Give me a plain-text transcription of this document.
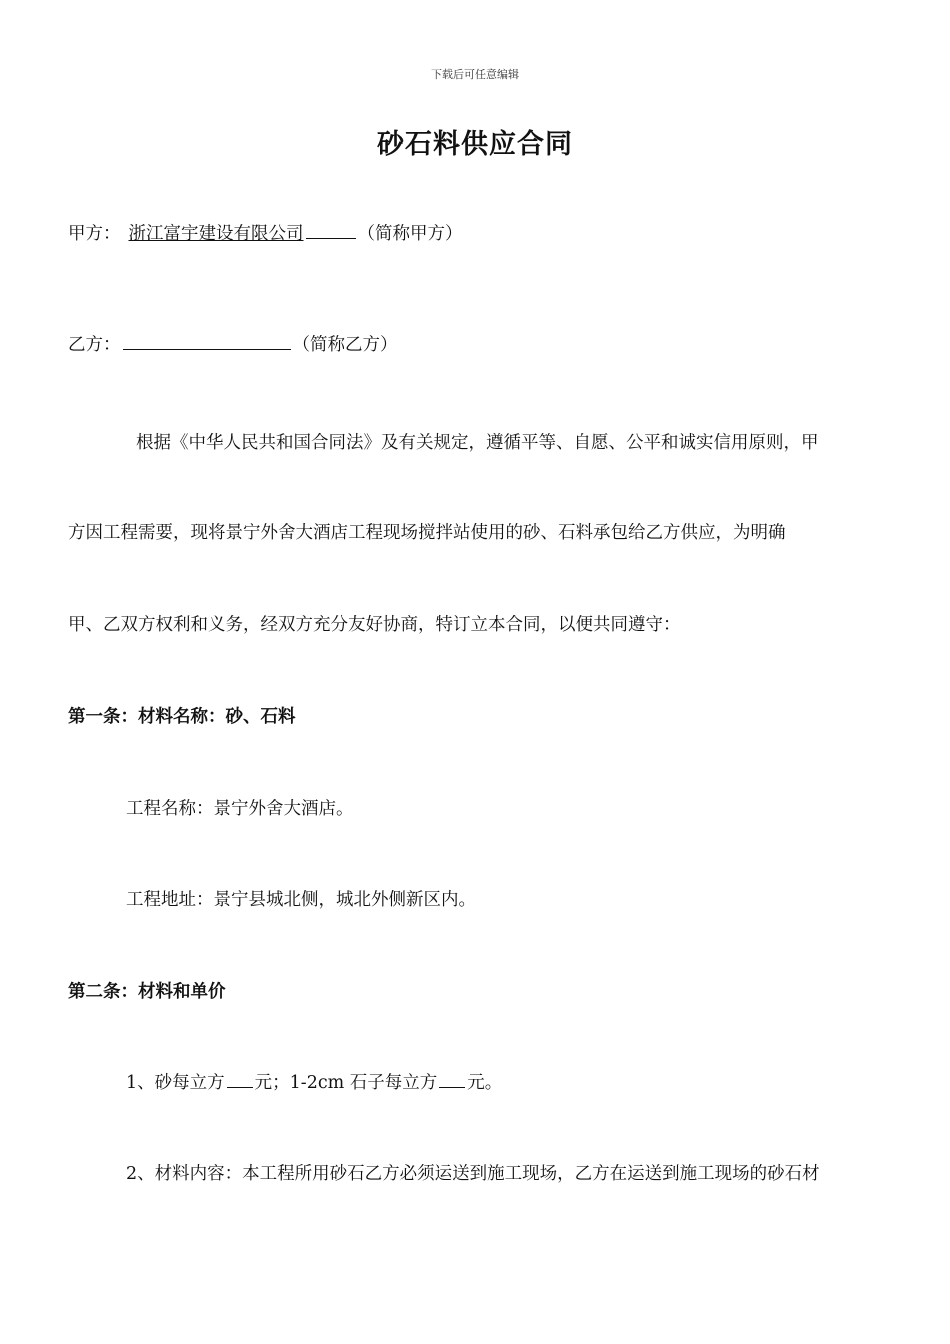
下载后可任意编辑
砂石料供应合同
甲方： 浙江富宇建设有限公司	（简称甲方）
乙方：	（简称乙方）
根据《中华人民共和国合同法》及有关规定，遵循平等、自愿、公平和诚实信用原则，甲
方因工程需要，现将景宁外舍大酒店工程现场搅拌站使用的砂、石料承包给乙方供应，为明确
甲、乙双方权利和义务，经双方充分友好协商，特订立本合同，以便共同遵守：
第一条：材料名称：砂、石料
工程名称：景宁外舍大酒店。
工程地址：景宁县城北侧，城北外侧新区内。
第二条：材料和单价
1、砂每立方 元；1-2cm 石子每立方 元。
2、材料内容：本工程所用砂石乙方必须运送到施工现场，乙方在运送到施工现场的砂石材
